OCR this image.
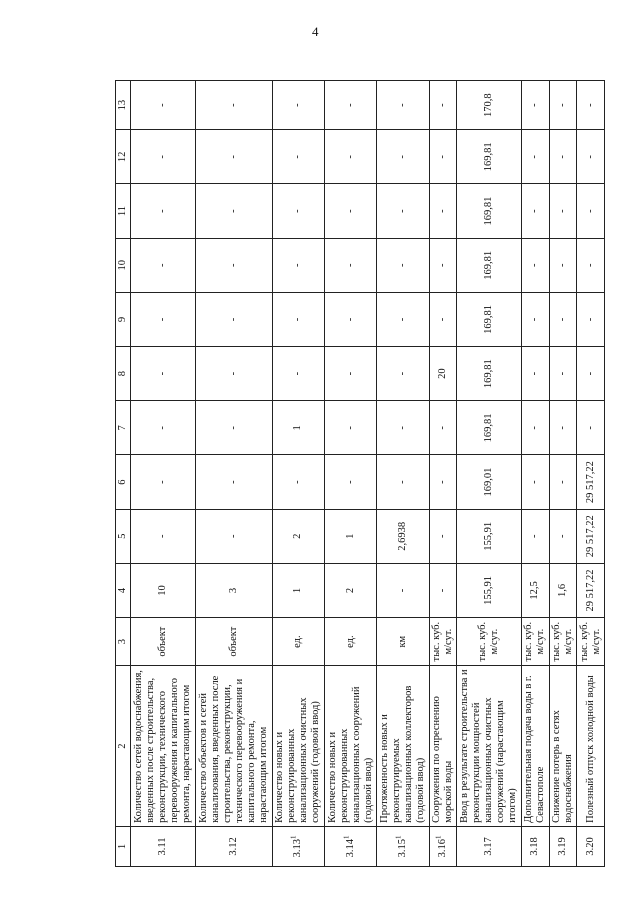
4
1	2	3	4	5	6	7	8	9	10	11	12	13
3.11	Количество сетей водоснабжения, введенных после строительства, реконструкции, технического перевооружения и капитального ремонта, нарастающим итогом	объект	10	-	-	-	-	-	-	-	-	-
3.12	Количество объектов и сетей канализования, введенных после строительства, реконструкции, технического перевооружения и капитального ремонта, нарастающим итогом	объект	3	-	-	-	-	-	-	-	-	-
3.13$^1$	Количество новых и реконструированных канализационных очистных сооружений (годовой ввод)	ед.	1	2	-	1	-	-	-	-	-	-
3.14$^1$	Количество новых и реконструированных канализационных сооружений (годовой ввод)	ед.	2	1	-	-	-	-	-	-	-	-
3.15$^1$	Протяженность новых и реконструируемых канализационных коллекторов (годовой ввод)	км	-	2,6938	-	-	-	-	-	-	-	-
3.16$^1$	Сооружения по опреснению морской воды	тыс. куб. м/сут.	-	-	-	-	20	-	-	-	-	-
3.17	Ввод в результате строительства и реконструкции мощностей канализационных очистных сооружений (нарастающим итогом)	тыс. куб. м/сут.	155,91	155,91	169,01	169,81	169,81	169,81	169,81	169,81	169,81	170,8
3.18	Дополнительная подача воды в г. Севастополе	тыс. куб. м/сут.	12,5	-	-	-	-	-	-	-	-	-
3.19	Снижение потерь в сетях водоснабжения	тыс. куб. м/сут.	1,6	-	-	-	-	-	-	-	-	-
3.20	Полезный отпуск холодной воды	тыс. куб. м/сут.	29 517,22	29 517,22	29 517,22	-	-	-	-	-	-	-
